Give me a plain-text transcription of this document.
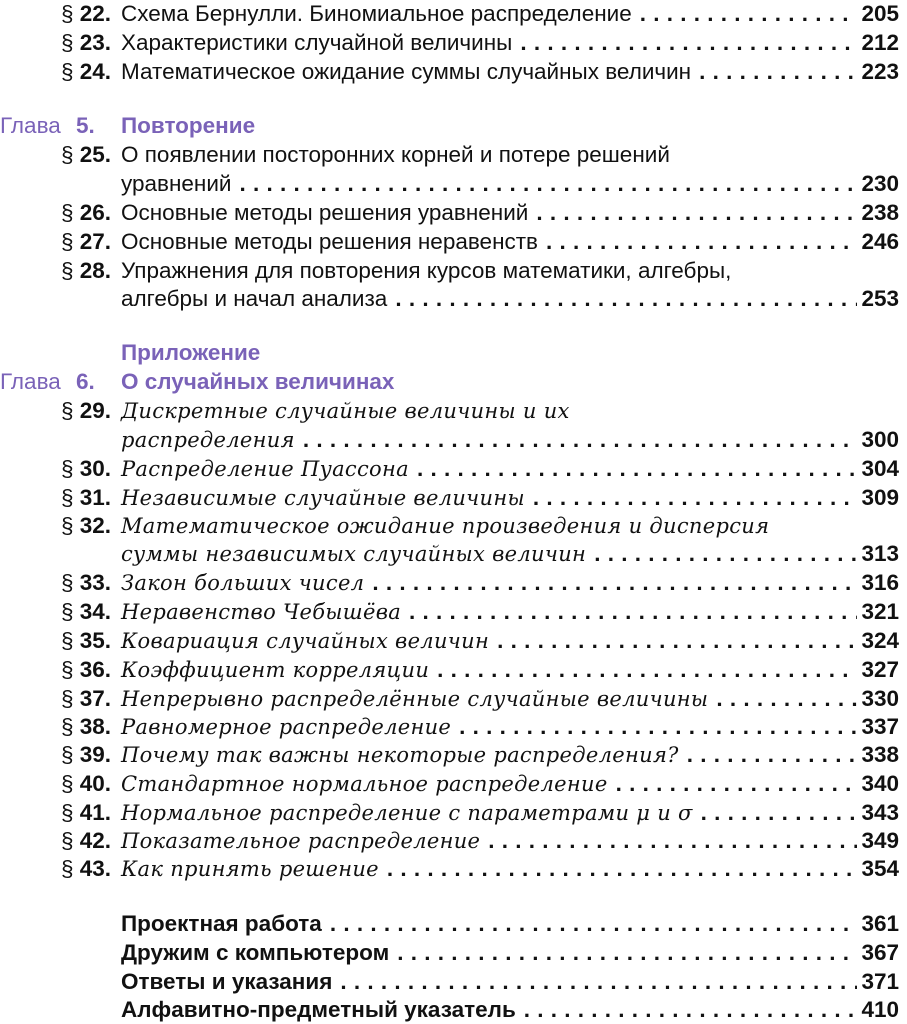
§ 22. Схема Бернулли. Биномиальное распределение . . .	205
§ 23. Характеристики случайной величины . . .	212
§ 24. Математическое ожидание суммы случайных величин . . .	223
Глава 5. Повторение
§ 25. О появлении посторонних корней и потере решений
уравнений . . .	230
§ 26. Основные методы решения уравнений . . .	238
§ 27. Основные методы решения неравенств . . .	246
§ 28. Упражнения для повторения курсов математики, алгебры,
алгебры и начал анализа . . .	253
Приложение
Глава 6. О случайных величинах
§ 29. Дискретные случайные величины и их
распределения . . .	300
§ 30. Распределение Пуассона . . .	304
§ 31. Независимые случайные величины . . .	309
§ 32. Математическое ожидание произведения и дисперсия
суммы независимых случайных величин . . .	313
§ 33. Закон больших чисел . . .	316
§ 34. Неравенство Чебышёва . . .	321
§ 35. Ковариация случайных величин . . .	324
§ 36. Коэффициент корреляции . . .	327
§ 37. Непрерывно распределённые случайные величины . . .	330
§ 38. Равномерное распределение . . .	337
§ 39. Почему так важны некоторые распределения? . . .	338
§ 40. Стандартное нормальное распределение . . .	340
§ 41. Нормальное распределение с параметрами μ и σ . . .	343
§ 42. Показательное распределение . . .	349
§ 43. Как принять решение . . .	354
Проектная работа . . .	361
Дружим с компьютером . . .	367
Ответы и указания . . .	371
Алфавитно-предметный указатель . . .	410
